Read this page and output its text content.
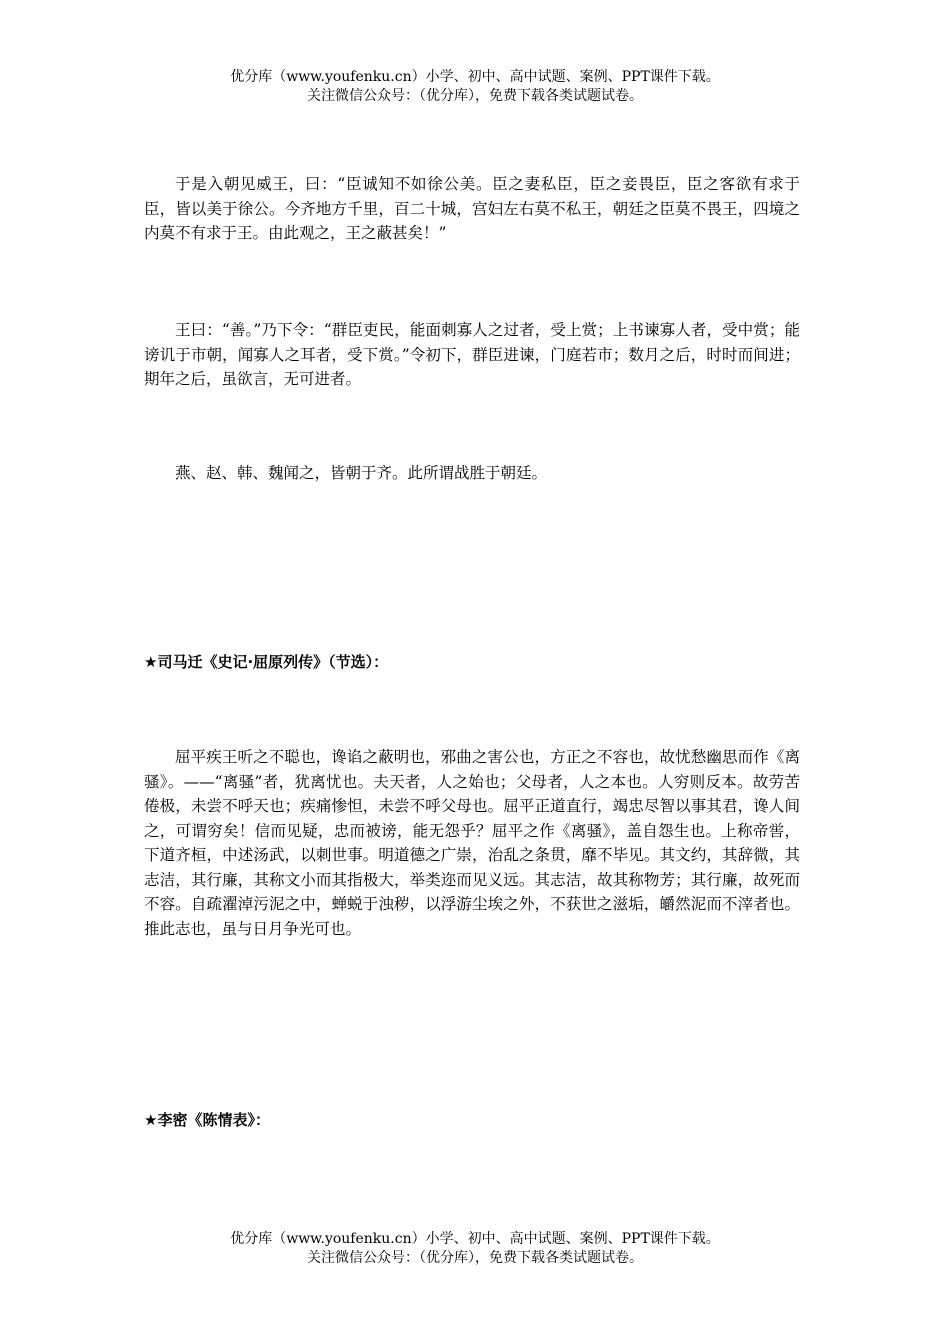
优分库（www.youfenku.cn）小学、初中、高中试题、案例、PPT课件下载。
关注微信公众号：（优分库），免费下载各类试题试卷。

于是入朝见威王，曰：“臣诚知不如徐公美。臣之妻私臣，臣之妾畏臣，臣之客欲有求于臣，皆以美于徐公。今齐地方千里，百二十城，宫妇左右莫不私王，朝廷之臣莫不畏王，四境之内莫不有求于王。由此观之，王之蔽甚矣！”

王曰：“善。”乃下令：“群臣吏民，能面刺寡人之过者，受上赏；上书谏寡人者，受中赏；能谤讥于市朝，闻寡人之耳者，受下赏。”令初下，群臣进谏，门庭若市；数月之后，时时而间进；期年之后，虽欲言，无可进者。

燕、赵、韩、魏闻之，皆朝于齐。此所谓战胜于朝廷。

★司马迁《史记·屈原列传》（节选）：

屈平疾王听之不聪也，谗谄之蔽明也，邪曲之害公也，方正之不容也，故忧愁幽思而作《离骚》。——“离骚”者，犹离忧也。夫天者，人之始也；父母者，人之本也。人穷则反本。故劳苦倦极，未尝不呼天也；疾痛惨怛，未尝不呼父母也。屈平正道直行，竭忠尽智以事其君，谗人间之，可谓穷矣！信而见疑，忠而被谤，能无怨乎？屈平之作《离骚》，盖自怨生也。上称帝喾，下道齐桓，中述汤武，以刺世事。明道德之广崇，治乱之条贯，靡不毕见。其文约，其辞微，其志洁，其行廉，其称文小而其指极大，举类迩而见义远。其志洁，故其称物芳；其行廉，故死而不容。自疏濯淖污泥之中，蝉蜕于浊秽，以浮游尘埃之外，不获世之滋垢，皭然泥而不滓者也。推此志也，虽与日月争光可也。

★李密《陈情表》：

优分库（www.youfenku.cn）小学、初中、高中试题、案例、PPT课件下载。
关注微信公众号：（优分库），免费下载各类试题试卷。
